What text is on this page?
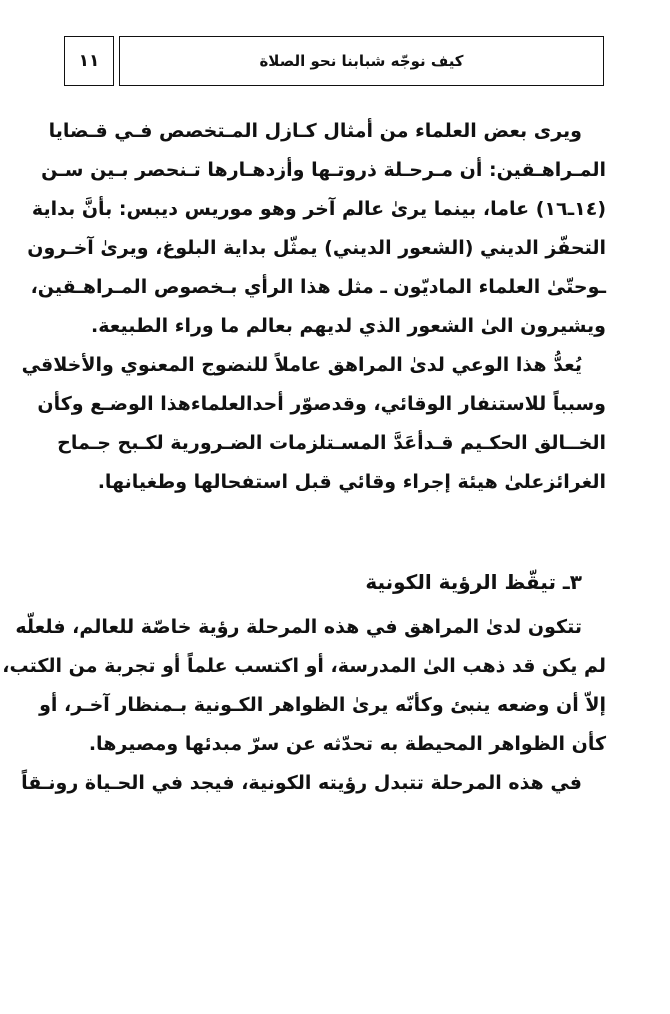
١١	كيف نوجّه شبابنا نحو الصلاة
ويرى بعض العلماء من أمثال كـازل المـتخصص فـي قـضايا
المـراهـقين: أن مـرحـلة ذروتـها وأزدهـارها تـنحصر بـين سـن
(١٤ـ١٦) عاما، بينما يرىٰ عالم آخر وهو موريس ديبس: بأنَّ بداية
التحفّز الديني (الشعور الديني) يمثّل بداية البلوغ، ويرىٰ آخـرون
ـوحتّىٰ العلماء الماديّون ـ مثل هذا الرأي بـخصوص المـراهـقين،
ويشيرون الىٰ الشعور الذي لديهم بعالم ما وراء الطبيعة.
يُعدُّ هذا الوعي لدىٰ المراهق عاملاً للنضوج المعنوي والأخلاقي
وسبباً للاستنفار الوقائي، وقدصوّر أحدالعلماءهذا الوضـع وكأن
الخــالق الحكـيم قـدأعَدَّ المسـتلزمات الضـرورية لكـبح جـماح
الغرائزعلىٰ هيئة إجراء وقائي قبل استفحالها وطغيانها.
٣ـ تيقّظ الرؤية الكونية
تتكون لدىٰ المراهق في هذه المرحلة رؤية خاصّة للعالم، فلعلّه
لم يكن قد ذهب الىٰ المدرسة، أو اكتسب علماً أو تجربة من الكتب،
إلاّ أن وضعه ينبئ وكأنّه يرىٰ الظواهر الكـونية بـمنظار آخـر، أو
كأن الظواهر المحيطة به تحدّثه عن سرّ مبدئها ومصيرها.
في هذه المرحلة تتبدل رؤيته الكونية، فيجد في الحـياة رونـقاً
